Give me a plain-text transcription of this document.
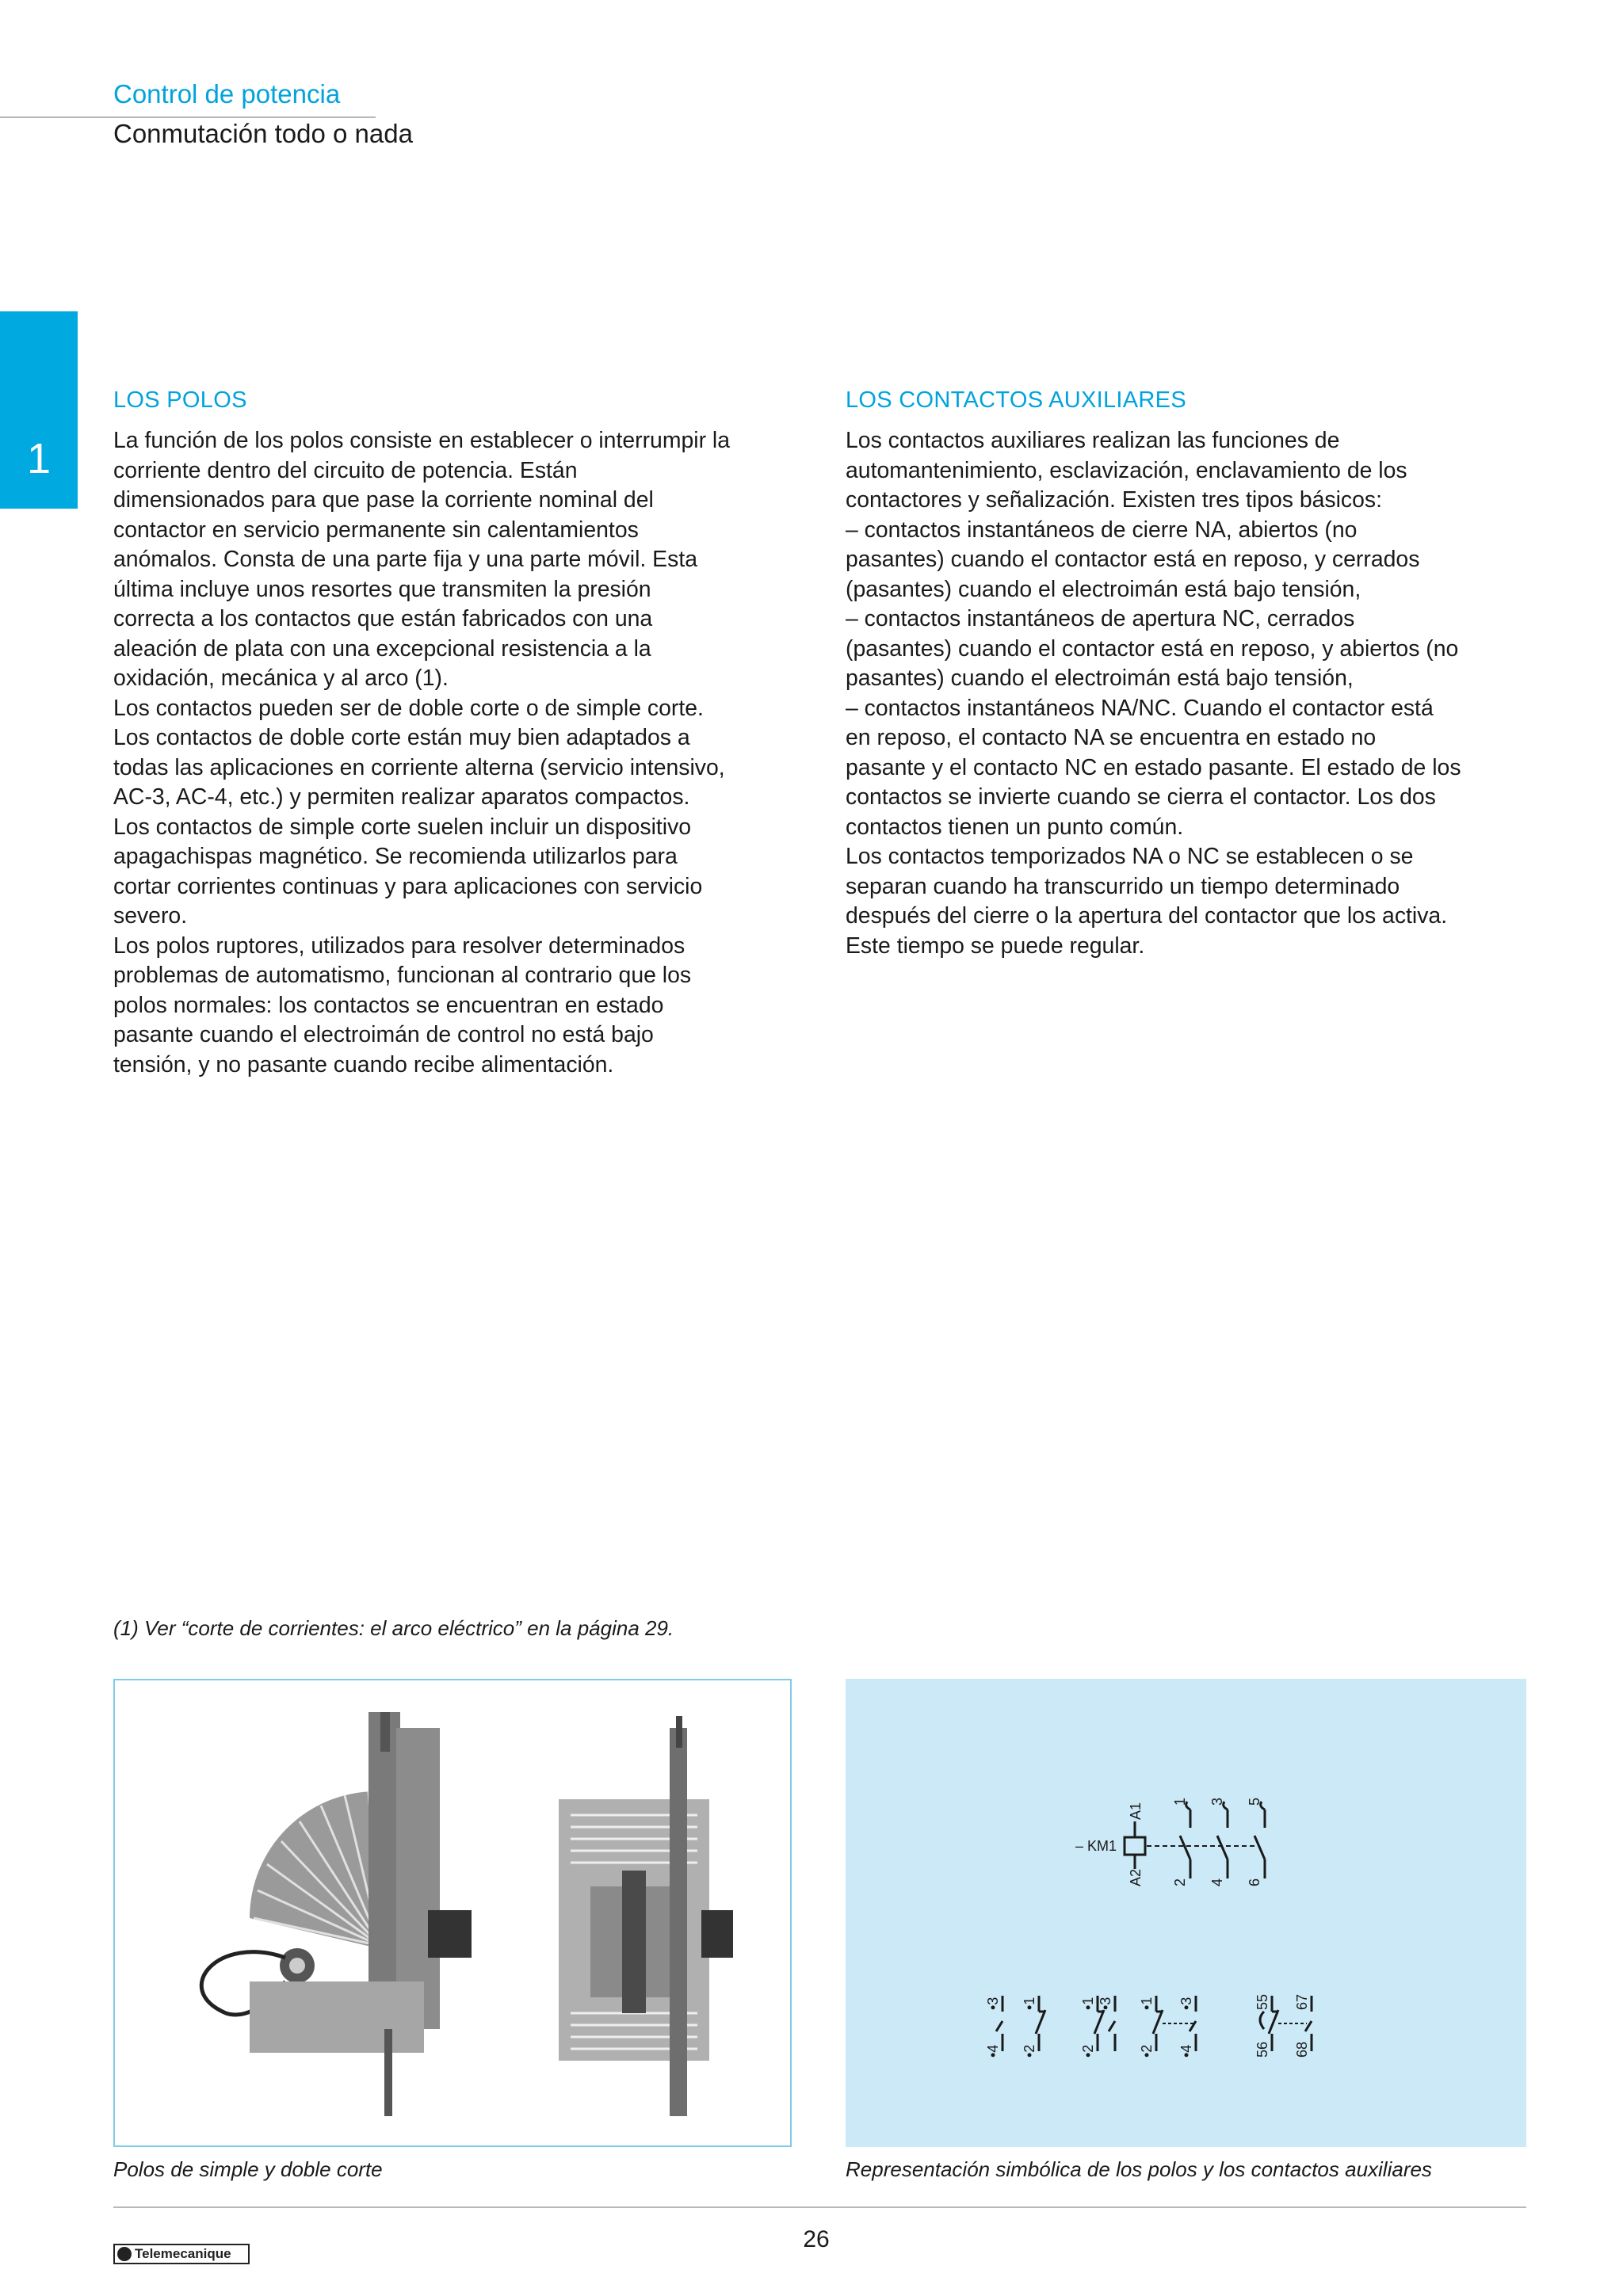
Control de potencia
Conmutación todo o nada
1
LOS POLOS
La función de los polos consiste en establecer o interrumpir la
corriente dentro del circuito de potencia. Están
dimensionados para que pase la corriente nominal del
contactor en servicio permanente sin calentamientos
anómalos. Consta de una parte fija y una parte móvil. Esta
última incluye unos resortes que transmiten la presión
correcta a los contactos que están fabricados con una
aleación de plata con una excepcional resistencia a la
oxidación, mecánica y al arco (1).
Los contactos pueden ser de doble corte o de simple corte.
Los contactos de doble corte están muy bien adaptados a
todas las aplicaciones en corriente alterna (servicio intensivo,
AC-3, AC-4, etc.) y permiten realizar aparatos compactos.
Los contactos de simple corte suelen incluir un dispositivo
apagachispas magnético. Se recomienda utilizarlos para
cortar corrientes continuas y para aplicaciones con servicio
severo.
Los polos ruptores, utilizados para resolver determinados
problemas de automatismo, funcionan al contrario que los
polos normales: los contactos se encuentran en estado
pasante cuando el electroimán de control no está bajo
tensión, y no pasante cuando recibe alimentación.
LOS CONTACTOS AUXILIARES
Los contactos auxiliares realizan las funciones de
automantenimiento, esclavización, enclavamiento de los
contactores y señalización. Existen tres tipos básicos:
– contactos instantáneos de cierre NA, abiertos (no
pasantes) cuando el contactor está en reposo, y cerrados
(pasantes) cuando el electroimán está bajo tensión,
– contactos instantáneos de apertura NC, cerrados
(pasantes) cuando el contactor está en reposo, y abiertos (no
pasantes) cuando el electroimán está bajo tensión,
– contactos instantáneos NA/NC. Cuando el contactor está
en reposo, el contacto NA se encuentra en estado no
pasante y el contacto NC en estado pasante. El estado de los
contactos se invierte cuando se cierra el contactor. Los dos
contactos tienen un punto común.
Los contactos temporizados NA o NC se establecen o se
separan cuando ha transcurrido un tiempo determinado
después del cierre o la apertura del contactor que los activa.
Este tiempo se puede regular.
(1) Ver “corte de corrientes: el arco eléctrico” en la página 29.
Polos de simple y doble corte
– KM1
A1
A2
1
2
3
4
5
6
•3
•4
•1
•2
•1
•2
•3 •1
•2
•3
•4
55
56
67
68
Representación simbólica de los polos y los contactos auxiliares
26
Telemecanique
